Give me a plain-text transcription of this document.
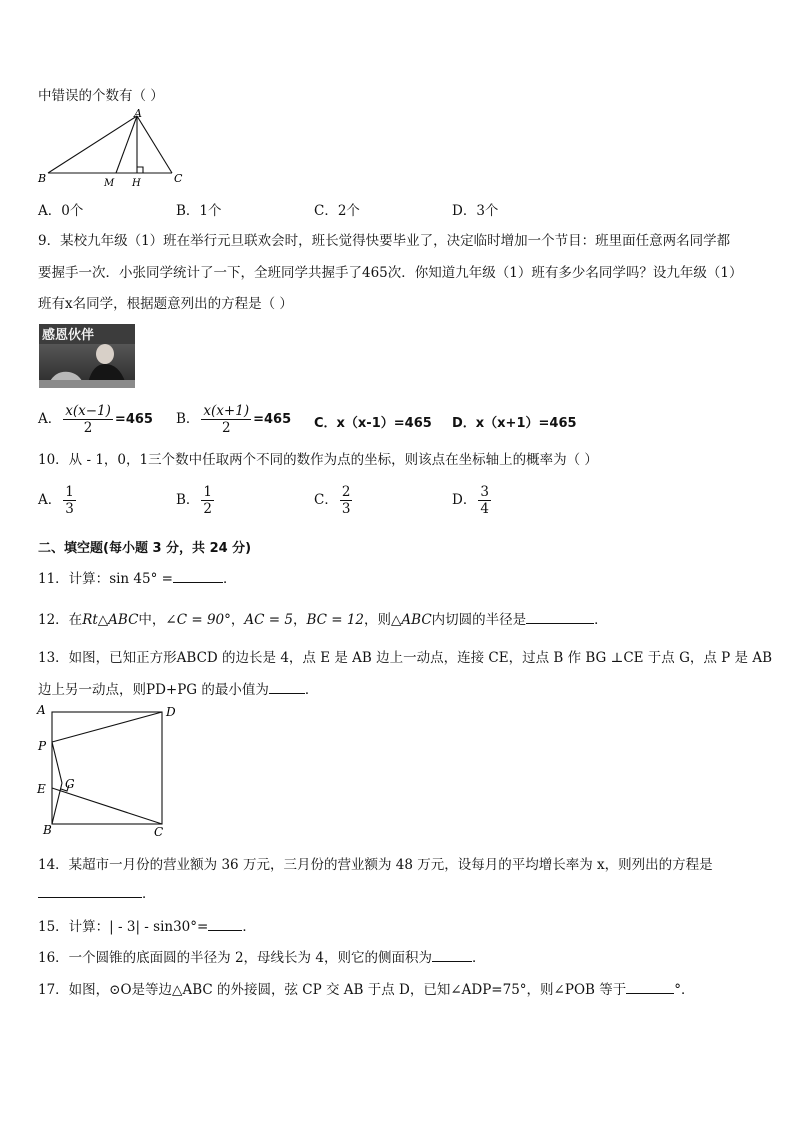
中错误的个数有（ ）
A
B	M H	C
A．0个	B．1个	C．2个	D．3个
9．某校九年级（1）班在举行元旦联欢会时，班长觉得快要毕业了，决定临时增加一个节目：班里面任意两名同学都
要握手一次．小张同学统计了一下，全班同学共握手了465次．你知道九年级（1）班有多少名同学吗？设九年级（1）
班有x名同学，根据题意列出的方程是（ ）
感恩伙伴
A． $\frac{x(x-1)}{2} =465$ B． $\frac{x(x+1)}{2} =465$ C．x（x-1）=465 D．x（x+1）=465
10．从 - 1，0，1三个数中任取两个不同的数作为点的坐标，则该点在坐标轴上的概率为（ ）
A． $\frac{1}{3}$	B． $\frac{1}{2}$	C． $\frac{2}{3}$	D． $\frac{3}{4}$
二、填空题(每小题 3 分，共 24 分)
11．计算：sin 45° =	．
12．在Rt△ABC中，∠C = 90°，AC = 5，BC = 12，则△ABC内切圆的半径是	．
13．如图，已知正方形ABCD 的边长是 4，点 E 是 AB 边上一动点，连接 CE，过点 B 作 BG ⊥CE 于点 G，点 P 是 AB
边上另一动点，则PD+PG 的最小值为	．
A	D
P
E G
B	C
14．某超市一月份的营业额为 36 万元，三月份的营业额为 48 万元，设每月的平均增长率为 x，则列出的方程是
．
15．计算：| - 3| - sin30°=	．
16．一个圆锥的底面圆的半径为 2，母线长为 4，则它的侧面积为	．
17．如图，⊙O是等边△ABC 的外接圆，弦 CP 交 AB 于点 D，已知∠ADP=75°，则∠POB 等于	°．
